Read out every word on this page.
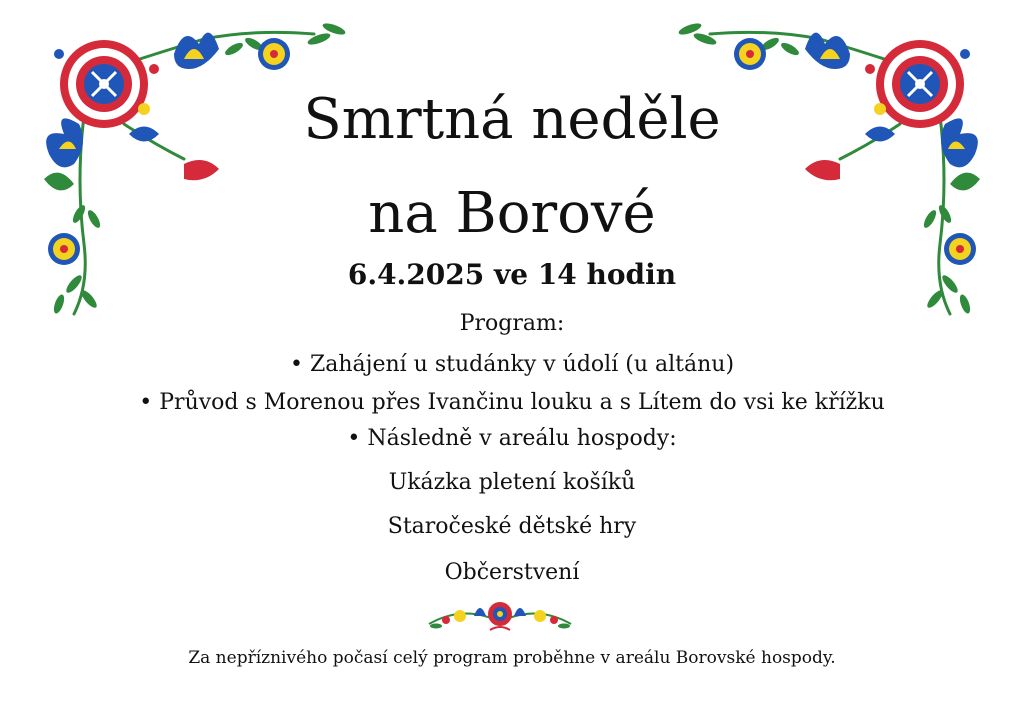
Smrtná neděle
na Borové
6.4.2025 ve 14 hodin
Program:
• Zahájení u studánky v údolí (u altánu)
• Průvod s Morenou přes Ivančinu louku a s Lítem do vsi ke křížku
• Následně v areálu hospody:
Ukázka pletení košíků
Staročeské dětské hry
Občerstvení
Za nepříznivého počasí celý program proběhne v areálu Borovské hospody.
